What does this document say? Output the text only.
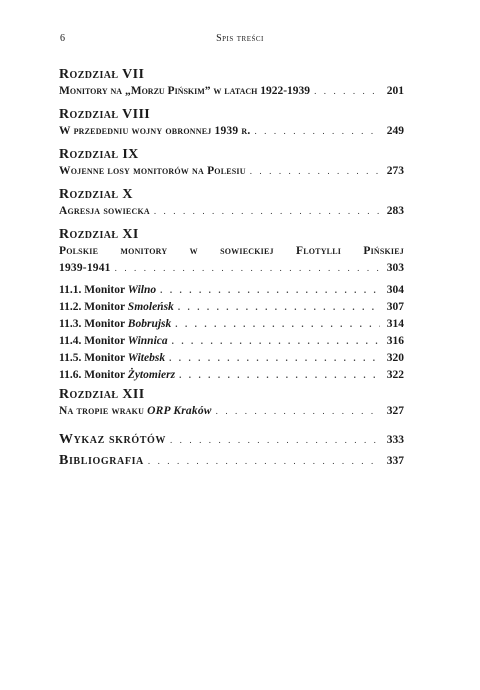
6	Spis treści
Rozdział VII
Monitory na „Morzu Pińskim” w latach 1922-1939 . . .	201
Rozdział VIII
W przededniu wojny obronnej 1939 r. . . .	249
Rozdział IX
Wojenne losy monitorów na Polesiu . . .	273
Rozdział X
Agresja sowiecka . . .	283
Rozdział XI
Polskie monitory w sowieckiej Flotylli Pińskiej
1939-1941 . . .	303
11.1. Monitor Wilno . . .	304
11.2. Monitor Smoleńsk . . .	307
11.3. Monitor Bobrujsk . . .	314
11.4. Monitor Winnica . . .	316
11.5. Monitor Witebsk . . .	320
11.6. Monitor Żytomierz . . .	322
Rozdział XII
Na tropie wraku ORP Kraków . . .	327
Wykaz skrótów . . .	333
Bibliografia . . .	337
